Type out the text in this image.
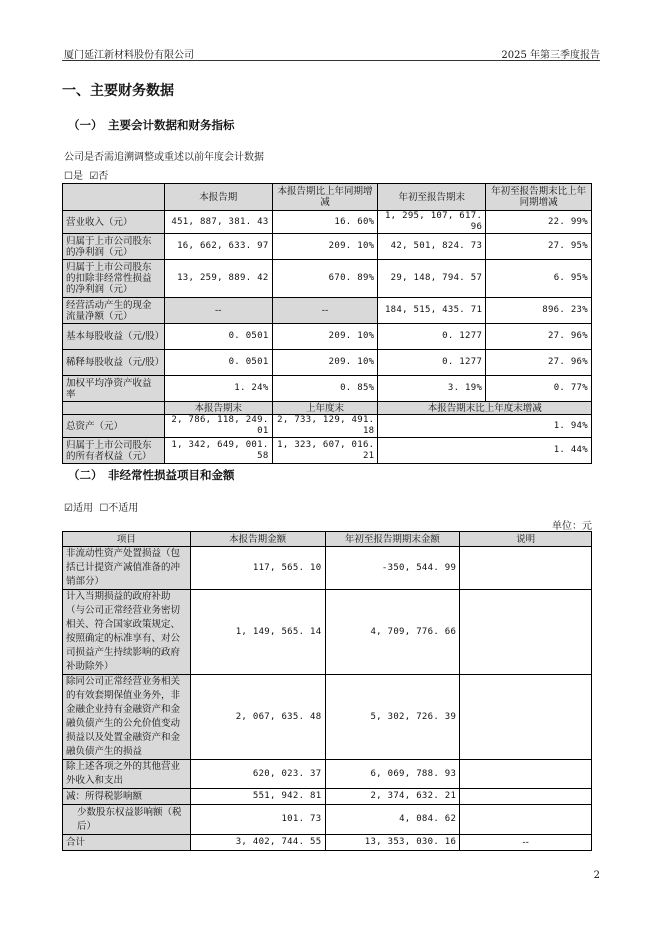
厦门延江新材料股份有限公司	2025 年第三季度报告
一、主要财务数据
（一） 主要会计数据和财务指标
公司是否需追溯调整或重述以前年度会计数据
☐是 ☑否
	本报告期	本报告期比上年同期增减	年初至报告期末	年初至报告期末比上年同期增减
营业收入（元）	451, 887, 381. 43	16. 60%	1, 295, 107, 617. 96	22. 99%
归属于上市公司股东的净利润（元）	16, 662, 633. 97	209. 10%	42, 501, 824. 73	27. 95%
归属于上市公司股东的扣除非经常性损益的净利润（元）	13, 259, 889. 42	670. 89%	29, 148, 794. 57	6. 95%
经营活动产生的现金流量净额（元）	--	--	184, 515, 435. 71	896. 23%
基本每股收益（元/股）	0. 0501	209. 10%	0. 1277	27. 96%
稀释每股收益（元/股）	0. 0501	209. 10%	0. 1277	27. 96%
加权平均净资产收益率	1. 24%	0. 85%	3. 19%	0. 77%
	本报告期末	上年度末	本报告期末比上年度末增减	
总资产（元）	2, 786, 118, 249. 01	2, 733, 129, 491. 18	1. 94%	
归属于上市公司股东的所有者权益（元）	1, 342, 649, 001. 58	1, 323, 607, 016. 21	1. 44%	
（二） 非经常性损益项目和金额
☑适用 ☐不适用
单位：元
项目	本报告期金额	年初至报告期期末金额	说明
非流动性资产处置损益（包括已计提资产减值准备的冲销部分）	117, 565. 10	-350, 544. 99	
计入当期损益的政府补助（与公司正常经营业务密切相关、符合国家政策规定、按照确定的标准享有、对公司损益产生持续影响的政府补助除外）	1, 149, 565. 14	4, 709, 776. 66	
除同公司正常经营业务相关的有效套期保值业务外，非金融企业持有金融资产和金融负债产生的公允价值变动损益以及处置金融资产和金融负债产生的损益	2, 067, 635. 48	5, 302, 726. 39	
除上述各项之外的其他营业外收入和支出	620, 023. 37	6, 069, 788. 93	
减：所得税影响额	551, 942. 81	2, 374, 632. 21	
少数股东权益影响额（税后）	101. 73	4, 084. 62	
合计	3, 402, 744. 55	13, 353, 030. 16	--
2
